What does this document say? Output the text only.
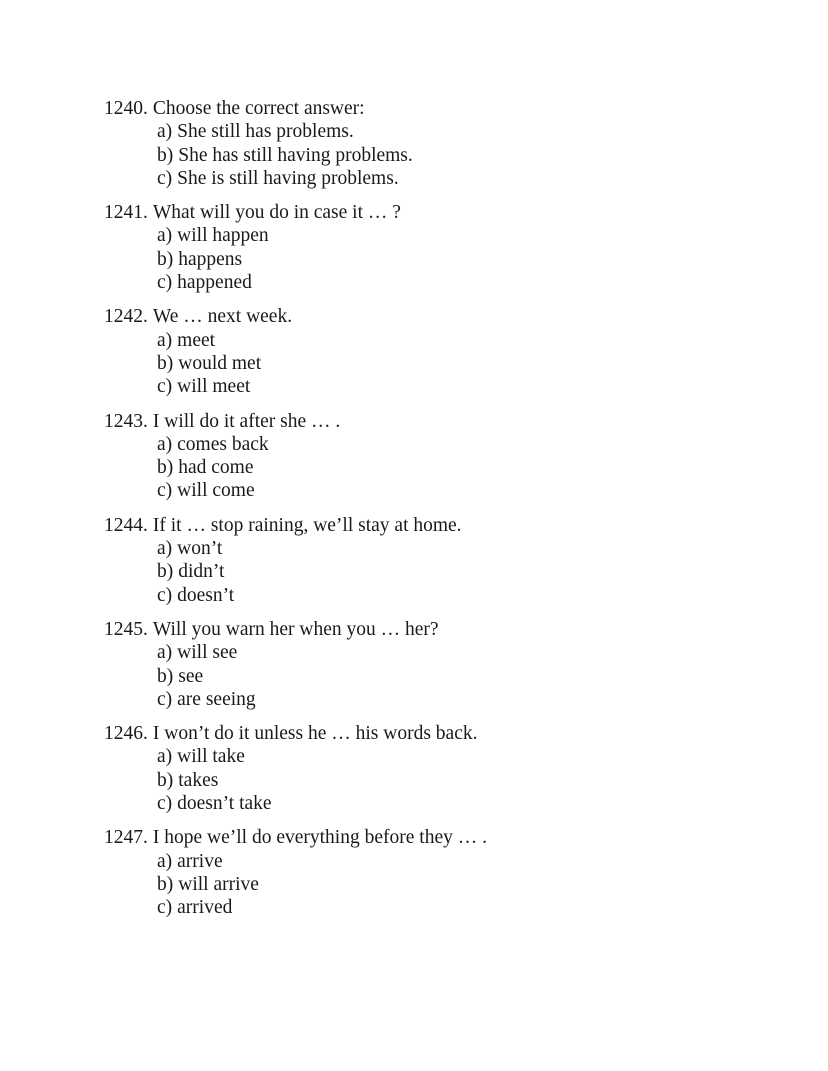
1240. Choose the correct answer:
a) She still has problems.
b) She has still having problems.
c) She is still having problems.
1241. What will you do in case it … ?
a) will happen
b) happens
c) happened
1242. We … next week.
a) meet
b) would met
c) will meet
1243. I will do it after she … .
a) comes back
b) had come
c) will come
1244. If it … stop raining, we’ll stay at home.
a) won’t
b) didn’t
c) doesn’t
1245. Will you warn her when you … her?
a) will see
b) see
c) are seeing
1246. I won’t do it unless he … his words back.
a) will take
b) takes
c) doesn’t take
1247. I hope we’ll do everything before they … .
a) arrive
b) will arrive
c) arrived
